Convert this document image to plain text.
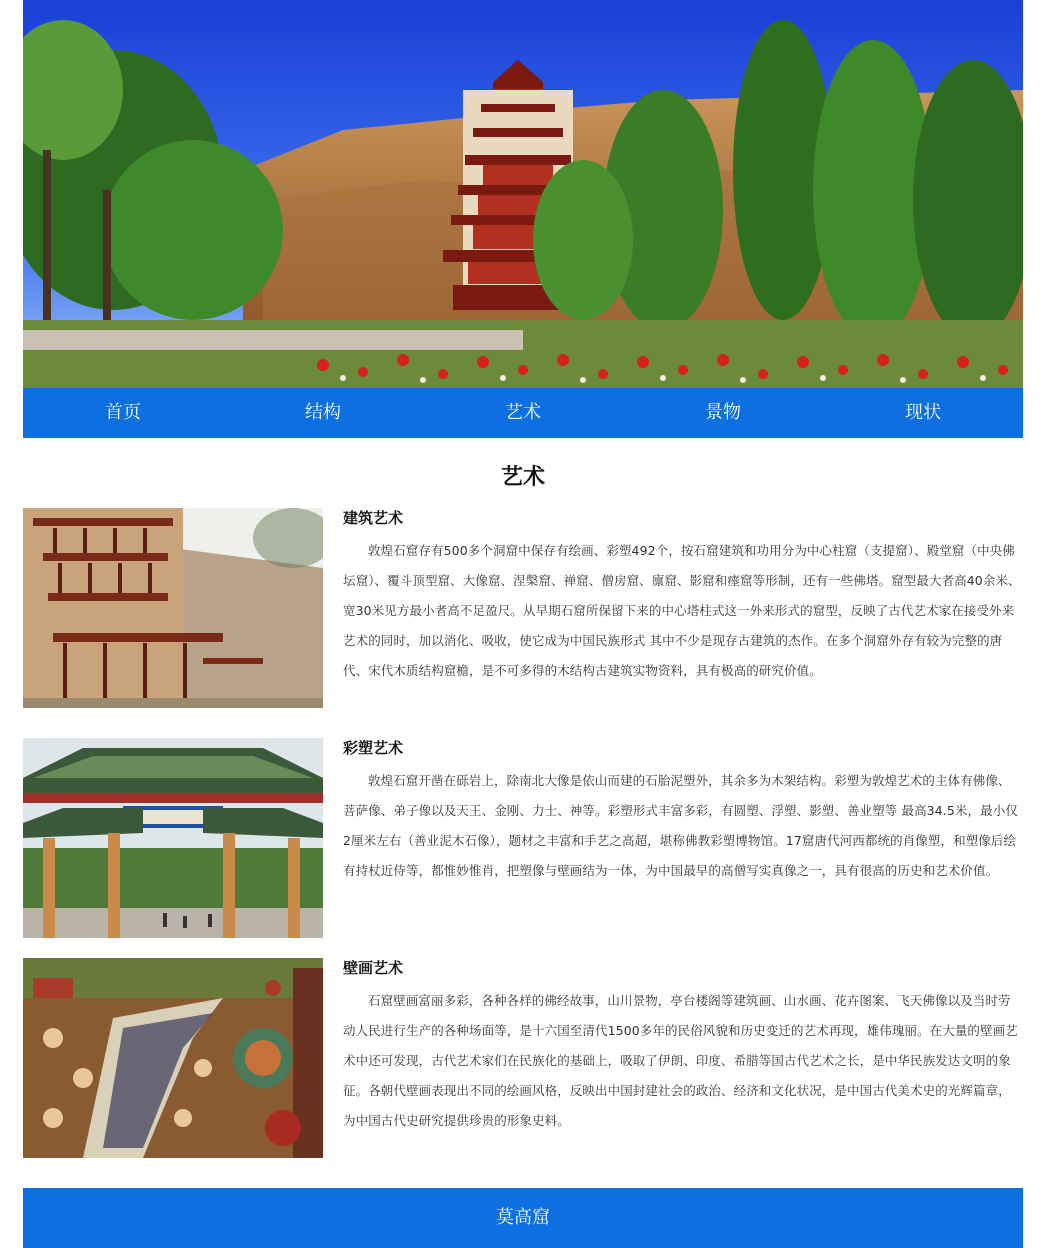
首页	结构	艺术	景物	现状
艺术
建筑艺术

敦煌石窟存有500多个洞窟中保存有绘画、彩塑492个，按石窟建筑和功用分为中心柱窟（支提窟）、殿堂窟（中央佛坛窟）、覆斗顶型窟、大像窟、涅槃窟、禅窟、僧房窟、廪窟、影窟和瘗窟等形制，还有一些佛塔。窟型最大者高40余米、宽30米见方最小者高不足盈尺。从早期石窟所保留下来的中心塔柱式这一外来形式的窟型，反映了古代艺术家在接受外来艺术的同时，加以消化、吸收，使它成为中国民族形式 其中不少是现存古建筑的杰作。在多个洞窟外存有较为完整的唐代、宋代木质结构窟檐，是不可多得的木结构古建筑实物资料，具有极高的研究价值。

彩塑艺术

敦煌石窟开凿在砾岩上，除南北大像是依山而建的石胎泥塑外，其余多为木架结构。彩塑为敦煌艺术的主体有佛像、菩萨像、弟子像以及天王、金刚、力士、神等。彩塑形式丰富多彩，有圆塑、浮塑、影塑、善业塑等 最高34.5米，最小仅2厘米左右（善业泥木石像），题材之丰富和手艺之高超，堪称佛教彩塑博物馆。17窟唐代河西都统的肖像塑，和塑像后绘有持杖近侍等，都惟妙惟肖，把塑像与壁画结为一体，为中国最早的高僧写实真像之一，具有很高的历史和艺术价值。

壁画艺术

石窟壁画富丽多彩，各种各样的佛经故事，山川景物，亭台楼阁等建筑画、山水画、花卉图案、飞天佛像以及当时劳动人民进行生产的各种场面等，是十六国至清代1500多年的民俗风貌和历史变迁的艺术再现，雄伟瑰丽。在大量的壁画艺术中还可发现，古代艺术家们在民族化的基础上，吸取了伊朗、印度、希腊等国古代艺术之长，是中华民族发达文明的象征。各朝代壁画表现出不同的绘画风格，反映出中国封建社会的政治、经济和文化状况，是中国古代美术史的光辉篇章，为中国古代史研究提供珍贵的形象史料。

莫高窟
